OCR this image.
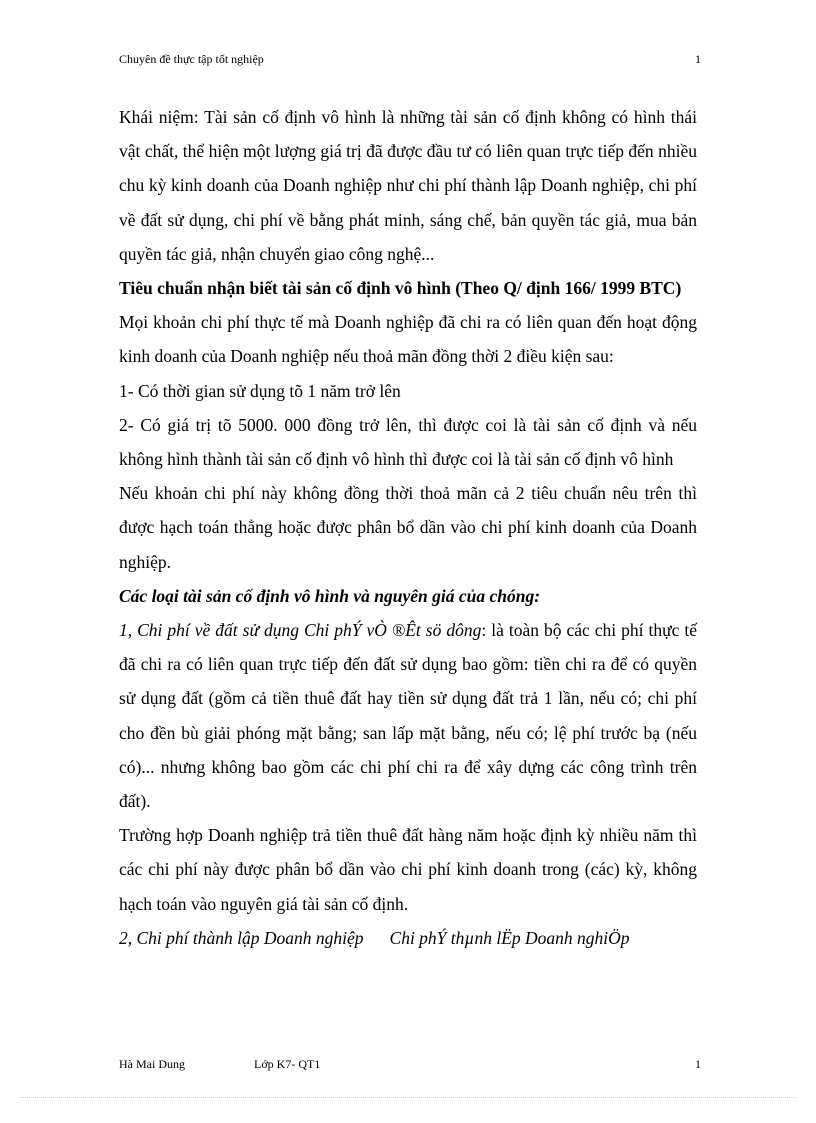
Chuyên đề thực tập tốt nghiệp	1

Khái niệm: Tài sản cố định vô hình là những tài sản cố định không có hình thái vật chất, thể hiện một lượng giá trị đã được đầu tư có liên quan trực tiếp đến nhiều chu kỳ kinh doanh của Doanh nghiệp như chi phí thành lập Doanh nghiệp, chi phí về đất sử dụng, chi phí về bằng phát minh, sáng chế, bản quyền tác giả, mua bản quyền tác giả, nhận chuyển giao công nghệ...

Tiêu chuẩn nhận biết tài sản cố định vô hình (Theo Q/ định 166/ 1999 BTC)

Mọi khoản chi phí thực tế mà Doanh nghiệp đã chi ra có liên quan đến hoạt động kinh doanh của Doanh nghiệp nếu thoả mãn đồng thời 2 điều kiện sau:

1- Có thời gian sử dụng tõ 1 năm trở lên

2- Có giá trị tõ 5000. 000 đồng trở lên, thì được coi là tài sản cố định và nếu không hình thành tài sản cố định vô hình thì được coi là tài sản cố định vô hình

Nếu khoản chi phí này không đồng thời thoả mãn cả 2 tiêu chuẩn nêu trên thì được hạch toán thẳng hoặc được phân bổ dần vào chi phí kinh doanh của Doanh nghiệp.

Các loại tài sản cố định vô hình và nguyên giá của chóng:

1, Chi phí về đất sử dụng Chi phÝ vÒ ®Êt sö dông: là toàn bộ các chi phí thực tế đã chi ra có liên quan trực tiếp đến đất sử dụng bao gồm: tiền chi ra để có quyền sử dụng đất (gồm cả tiền thuê đất hay tiền sử dụng đất trả 1 lần, nếu có; chi phí cho đền bù giải phóng mặt bằng; san lấp mặt bằng, nếu có; lệ phí trước bạ (nếu có)... nhưng không bao gồm các chi phí chi ra để xây dựng các công trình trên đất).

Trường hợp Doanh nghiệp trả tiền thuê đất hàng năm hoặc định kỳ nhiều năm thì các chi phí này được phân bổ dần vào chi phí kinh doanh trong (các) kỳ, không hạch toán vào nguyên giá tài sản cố định.

2, Chi phí thành lập Doanh nghiệp Chi phÝ thµnh lËp Doanh nghiÖp

Hà Mai Dung	Lớp K7- QT1	1
